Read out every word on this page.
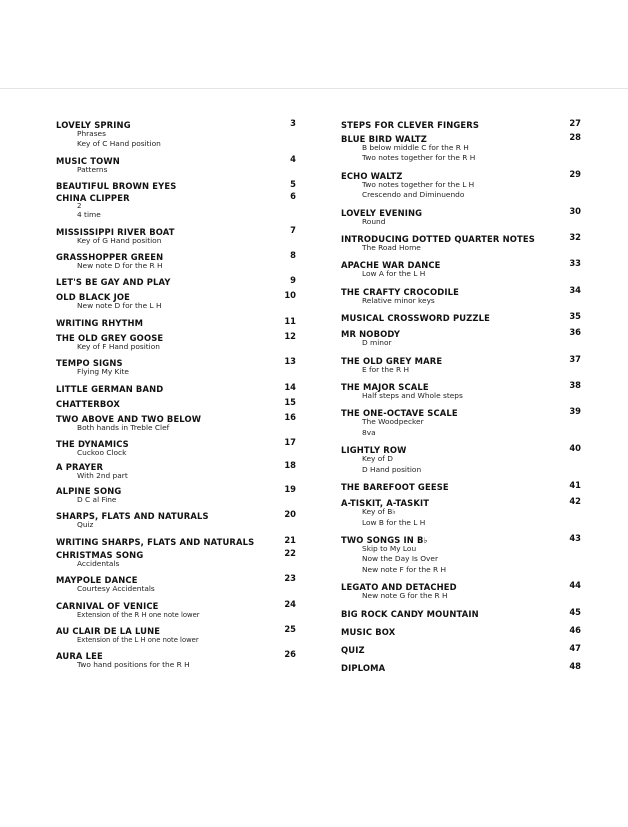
LOVELY SPRING	3
Phrases
Key of C Hand position
MUSIC TOWN	4
Patterns
BEAUTIFUL BROWN EYES	5
CHINA CLIPPER	6
2
4 time
MISSISSIPPI RIVER BOAT	7
Key of G Hand position
GRASSHOPPER GREEN	8
New note D for the R H
LET'S BE GAY AND PLAY	9
OLD BLACK JOE	10
New note D for the L H
WRITING RHYTHM	11
THE OLD GREY GOOSE	12
Key of F Hand position
TEMPO SIGNS	13
Flying My Kite
LITTLE GERMAN BAND	14
CHATTERBOX	15
TWO ABOVE AND TWO BELOW	16
Both hands in Treble Clef
THE DYNAMICS	17
Cuckoo Clock
A PRAYER	18
With 2nd part
ALPINE SONG	19
D C al Fine
SHARPS, FLATS AND NATURALS	20
Quiz
WRITING SHARPS, FLATS AND NATURALS	21
CHRISTMAS SONG	22
Accidentals
MAYPOLE DANCE	23
Courtesy Accidentals
CARNIVAL OF VENICE	24
Extension of the R H one note lower
AU CLAIR DE LA LUNE	25
Extension of the L H one note lower
AURA LEE	26
Two hand positions for the R H
STEPS FOR CLEVER FINGERS	27
BLUE BIRD WALTZ	28
B below middle C for the R H
Two notes together for the R H
ECHO WALTZ	29
Two notes together for the L H
Crescendo and Diminuendo
LOVELY EVENING	30
Round
INTRODUCING DOTTED QUARTER NOTES	32
The Road Home
APACHE WAR DANCE	33
Low A for the L H
THE CRAFTY CROCODILE	34
Relative minor keys
MUSICAL CROSSWORD PUZZLE	35
MR NOBODY	36
D minor
THE OLD GREY MARE	37
E for the R H
THE MAJOR SCALE	38
Half steps and Whole steps
THE ONE-OCTAVE SCALE	39
The Woodpecker
8va
LIGHTLY ROW	40
Key of D
D Hand position
THE BAREFOOT GEESE	41
A-TISKIT, A-TASKIT	42
Key of B♭
Low B for the L H
TWO SONGS IN B♭	43
Skip to My Lou
Now the Day Is Over
New note F for the R H
LEGATO AND DETACHED	44
New note G for the R H
BIG ROCK CANDY MOUNTAIN	45
MUSIC BOX	46
QUIZ	47
DIPLOMA	48
